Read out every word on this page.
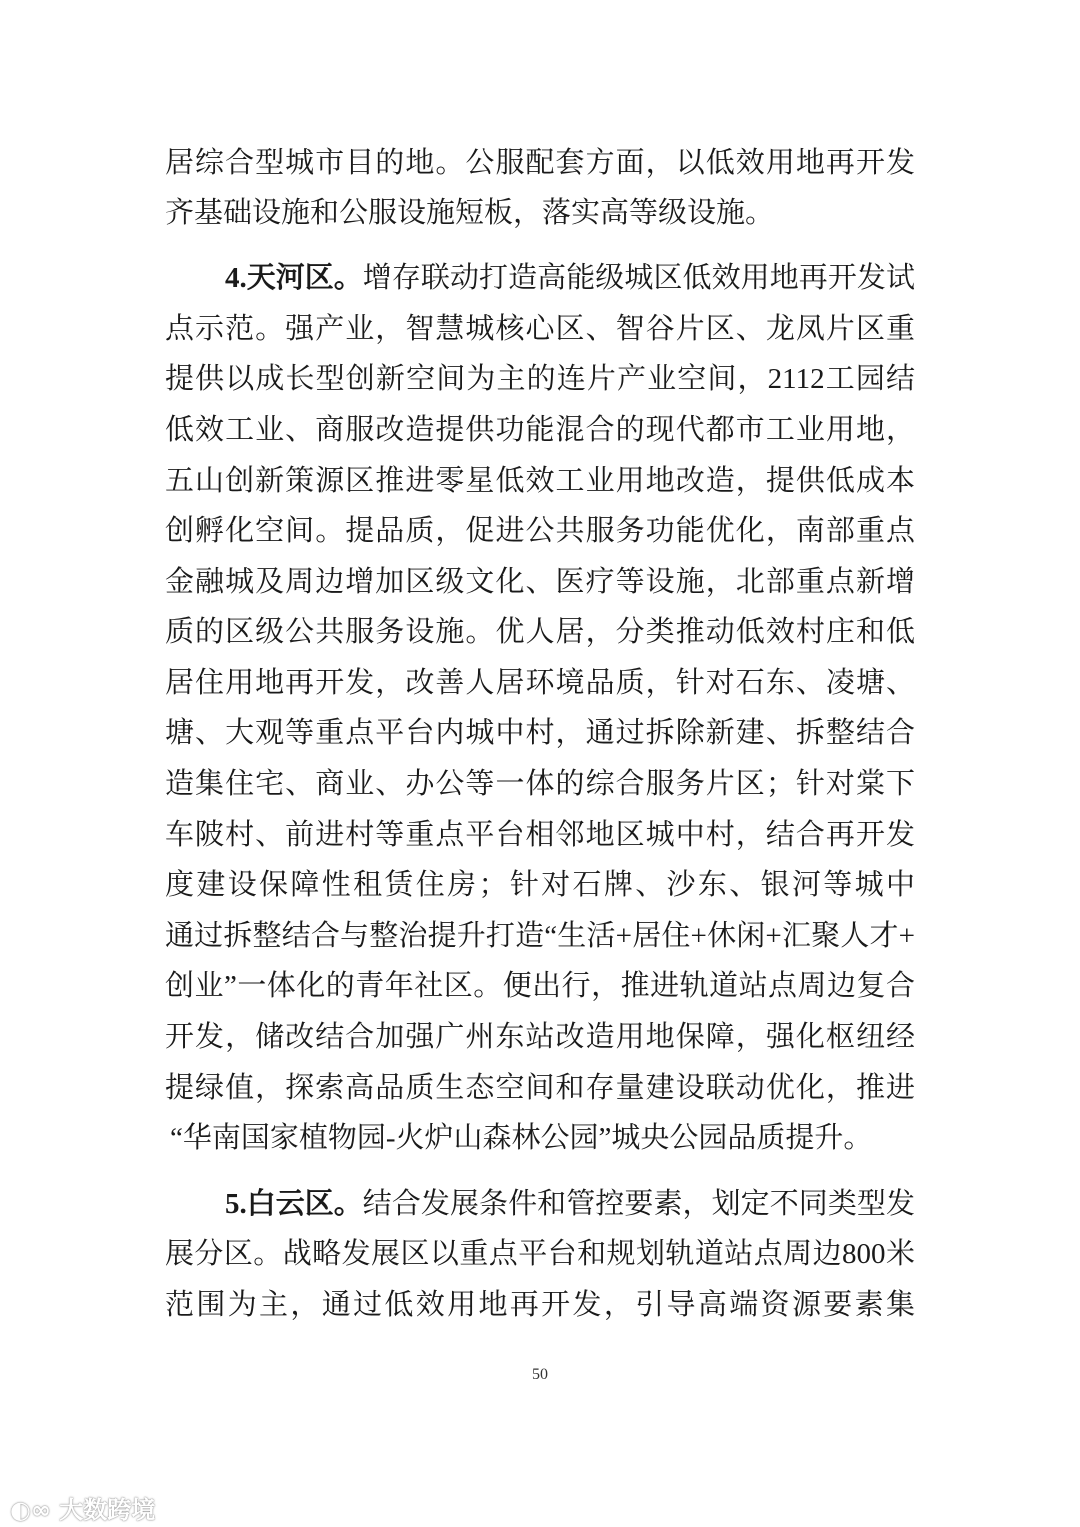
居综合型城市目的地。公服配套方面，以低效用地再开发
齐基础设施和公服设施短板，落实高等级设施。
4.天河区。 增存联动打造高能级城区低效用地再开发试
点示范。强产业，智慧城核心区、智谷片区、龙凤片区重
提供以成长型创新空间为主的连片产业空间，2112工园结
低效工业、商服改造提供功能混合的现代都市工业用地，
五山创新策源区推进零星低效工业用地改造，提供低成本
创孵化空间。提品质，促进公共服务功能优化，南部重点
金融城及周边增加区级文化、医疗等设施，北部重点新增
质的区级公共服务设施。优人居，分类推动低效村庄和低
居住用地再开发，改善人居环境品质，针对石东、凌塘、
塘、大观等重点平台内城中村，通过拆除新建、拆整结合
造集住宅、商业、办公等一体的综合服务片区；针对棠下
车陂村、前进村等重点平台相邻地区城中村，结合再开发
度建设保障性租赁住房；针对石牌、沙东、银河等城中
通过拆整结合与整治提升打造“生活+居住+休闲+汇聚人才+
创业”一体化的青年社区。便出行，推进轨道站点周边复合
开发，储改结合加强广州东站改造用地保障，强化枢纽经
提绿值，探索高品质生态空间和存量建设联动优化，推进
“华南国家植物园-火炉山森林公园”城央公园品质提升。
5.白云区。 结合发展条件和管控要素，划定不同类型发
展分区。战略发展区以重点平台和规划轨道站点周边800米
范围为主，通过低效用地再开发，引导高端资源要素集
50
◐∞ 大数跨境
